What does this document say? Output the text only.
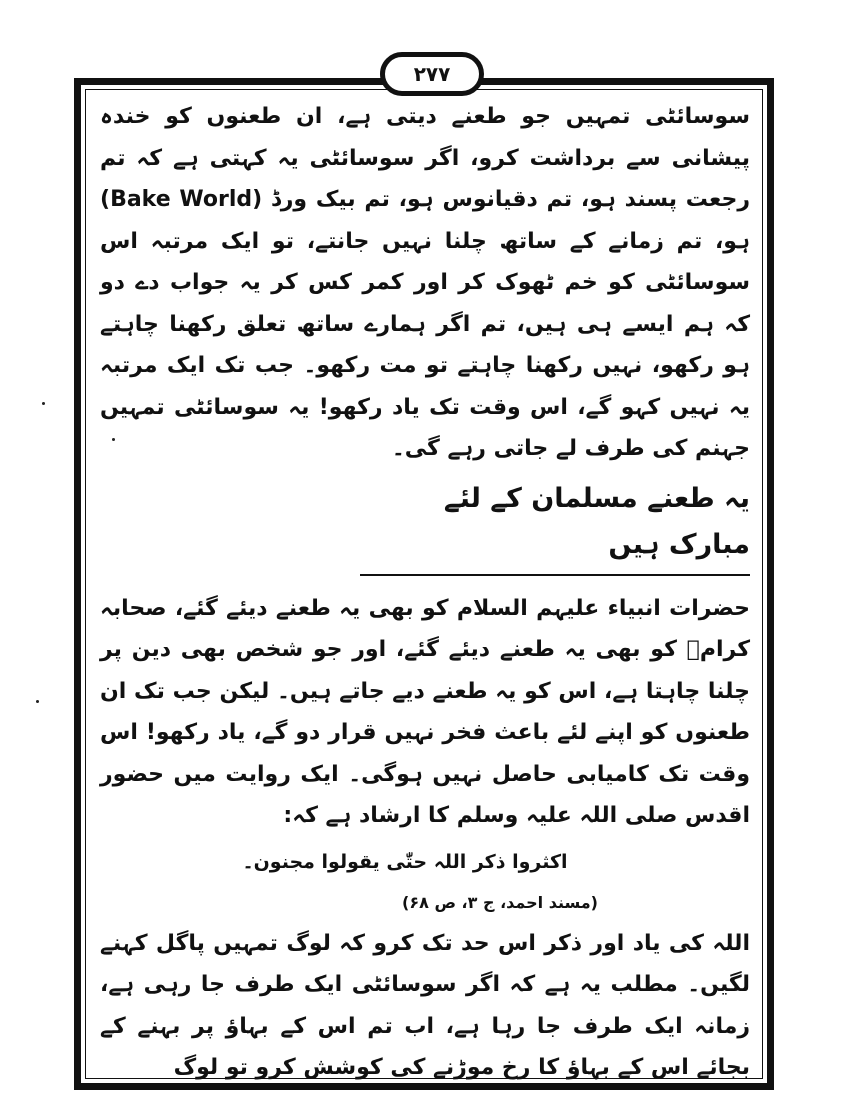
۲۷۷

سوسائٹی تمہیں جو طعنے دیتی ہے، ان طعنوں کو خندہ پیشانی سے برداشت کرو، اگر سوسائٹی یہ کہتی ہے کہ تم رجعت پسند ہو، تم دقیانوس ہو، تم بیک ورڈ (Bake World) ہو، تم زمانے کے ساتھ چلنا نہیں جانتے، تو ایک مرتبہ اس سوسائٹی کو خم ٹھوک کر اور کمر کس کر یہ جواب دے دو کہ ہم ایسے ہی ہیں، تم اگر ہمارے ساتھ تعلق رکھنا چاہتے ہو رکھو، نہیں رکھنا چاہتے تو مت رکھو۔ جب تک ایک مرتبہ یہ نہیں کہو گے، اس وقت تک یاد رکھو! یہ سوسائٹی تمہیں جہنم کی طرف لے جاتی رہے گی۔

یہ طعنے مسلمان کے لئے مبارک ہیں

حضرات انبیاء علیہم السلام کو بھی یہ طعنے دیئے گئے، صحابہ کرامؓ کو بھی یہ طعنے دیئے گئے، اور جو شخص بھی دین پر چلنا چاہتا ہے، اس کو یہ طعنے دیے جاتے ہیں۔ لیکن جب تک ان طعنوں کو اپنے لئے باعث فخر نہیں قرار دو گے، یاد رکھو! اس وقت تک کامیابی حاصل نہیں ہوگی۔ ایک روایت میں حضور اقدس صلی اللہ علیہ وسلم کا ارشاد ہے کہ:

اکثروا ذکر اللہ حتّٰی یقولوا مجنون۔

(مسند احمد، ج ۳، ص ۶۸)

اللہ کی یاد اور ذکر اس حد تک کرو کہ لوگ تمہیں پاگل کہنے لگیں۔ مطلب یہ ہے کہ اگر سوسائٹی ایک طرف جا رہی ہے، زمانہ ایک طرف جا رہا ہے، اب تم اس کے بہاؤ پر بہنے کے بجائے اس کے بہاؤ کا رخ موڑنے کی کوشش کرو تو لوگ
